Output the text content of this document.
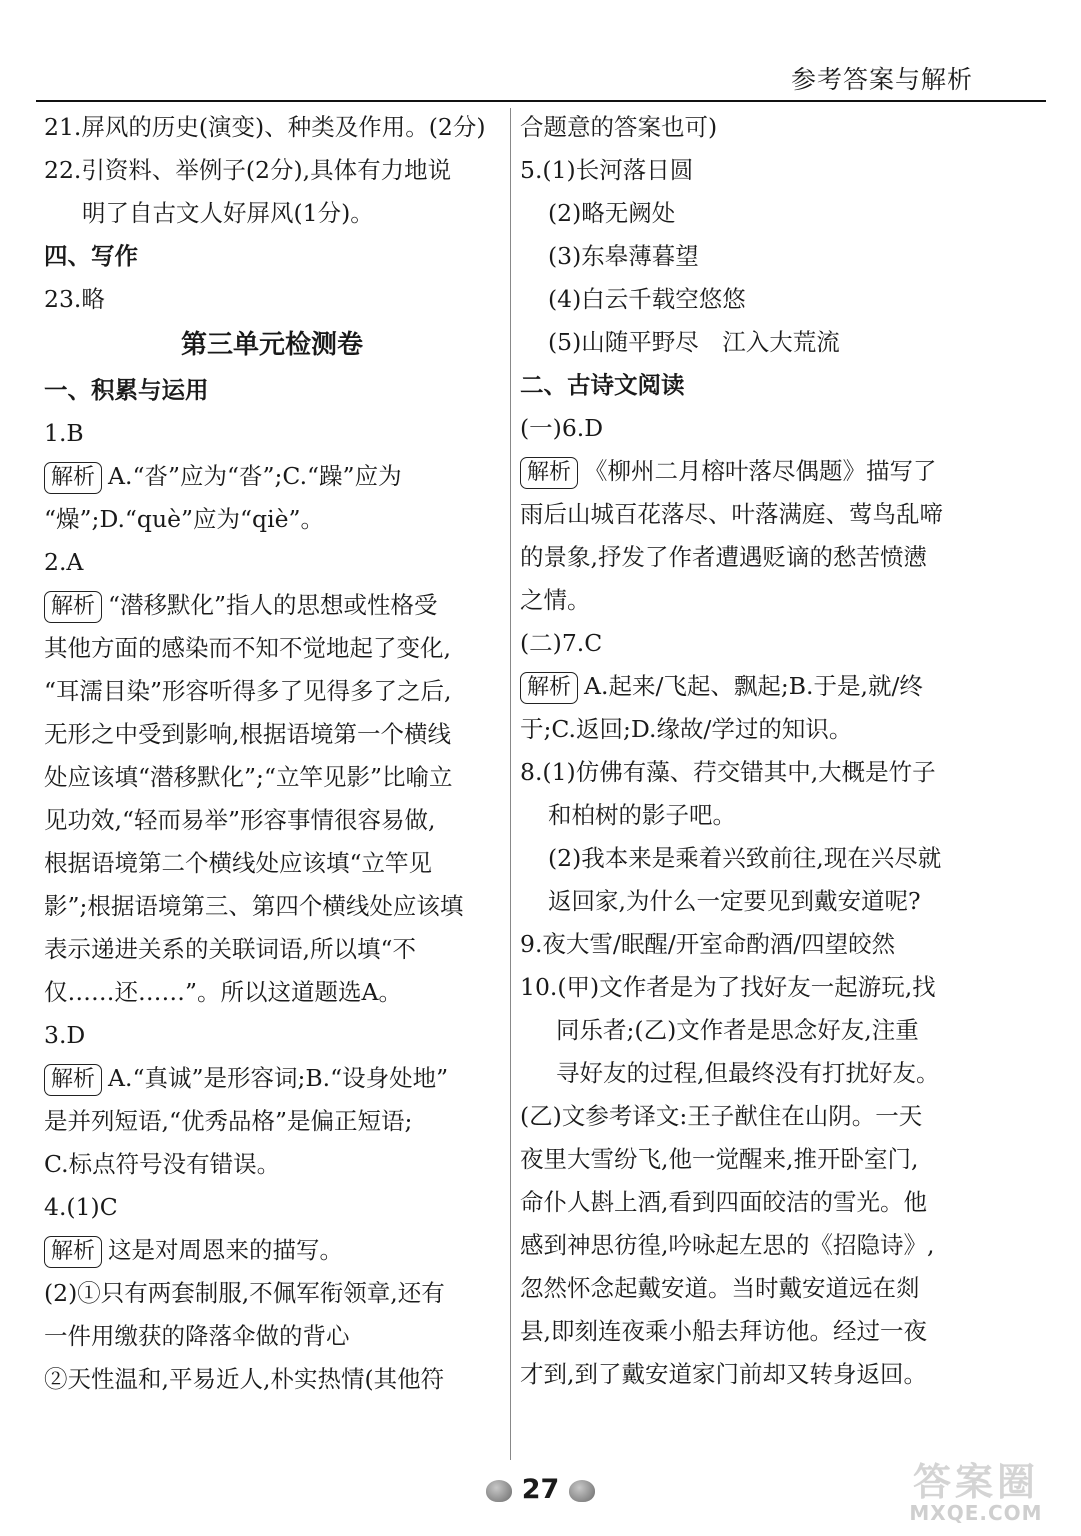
参考答案与解析
21.屏风的历史(演变)、种类及作用。(2分)
22.引资料、举例子(2分),具体有力地说
明了自古文人好屏风(1分)。
四、写作
23.略
第三单元检测卷
一、积累与运用
1.B
解析 A.“沓”应为“沓”;C.“躁”应为
“燥”;D.“què”应为“qiè”。
2.A
解析 “潜移默化”指人的思想或性格受
其他方面的感染而不知不觉地起了变化,
“耳濡目染”形容听得多了见得多了之后,
无形之中受到影响,根据语境第一个横线
处应该填“潜移默化”;“立竿见影”比喻立
见功效,“轻而易举”形容事情很容易做,
根据语境第二个横线处应该填“立竿见
影”;根据语境第三、第四个横线处应该填
表示递进关系的关联词语,所以填“不
仅……还……”。所以这道题选A。
3.D
解析 A.“真诚”是形容词;B.“设身处地”
是并列短语,“优秀品格”是偏正短语;
C.标点符号没有错误。
4.(1)C
解析 这是对周恩来的描写。
(2)①只有两套制服,不佩军衔领章,还有
一件用缴获的降落伞做的背心
②天性温和,平易近人,朴实热情(其他符
合题意的答案也可)
5.(1)长河落日圆
(2)略无阙处
(3)东皋薄暮望
(4)白云千载空悠悠
(5)山随平野尽　江入大荒流
二、古诗文阅读
(一)6.D
解析 《柳州二月榕叶落尽偶题》描写了
雨后山城百花落尽、叶落满庭、莺鸟乱啼
的景象,抒发了作者遭遇贬谪的愁苦愤懑
之情。
(二)7.C
解析 A.起来/飞起、飘起;B.于是,就/终
于;C.返回;D.缘故/学过的知识。
8.(1)仿佛有藻、荇交错其中,大概是竹子
和柏树的影子吧。
(2)我本来是乘着兴致前往,现在兴尽就
返回家,为什么一定要见到戴安道呢?
9.夜大雪/眠醒/开室命酌酒/四望皎然
10.(甲)文作者是为了找好友一起游玩,找
同乐者;(乙)文作者是思念好友,注重
寻好友的过程,但最终没有打扰好友。
(乙)文参考译文:王子猷住在山阴。一天
夜里大雪纷飞,他一觉醒来,推开卧室门,
命仆人斟上酒,看到四面皎洁的雪光。他
感到神思彷徨,吟咏起左思的《招隐诗》,
忽然怀念起戴安道。当时戴安道远在剡
县,即刻连夜乘小船去拜访他。经过一夜
才到,到了戴安道家门前却又转身返回。
27	答案圈
MXQE.COM
